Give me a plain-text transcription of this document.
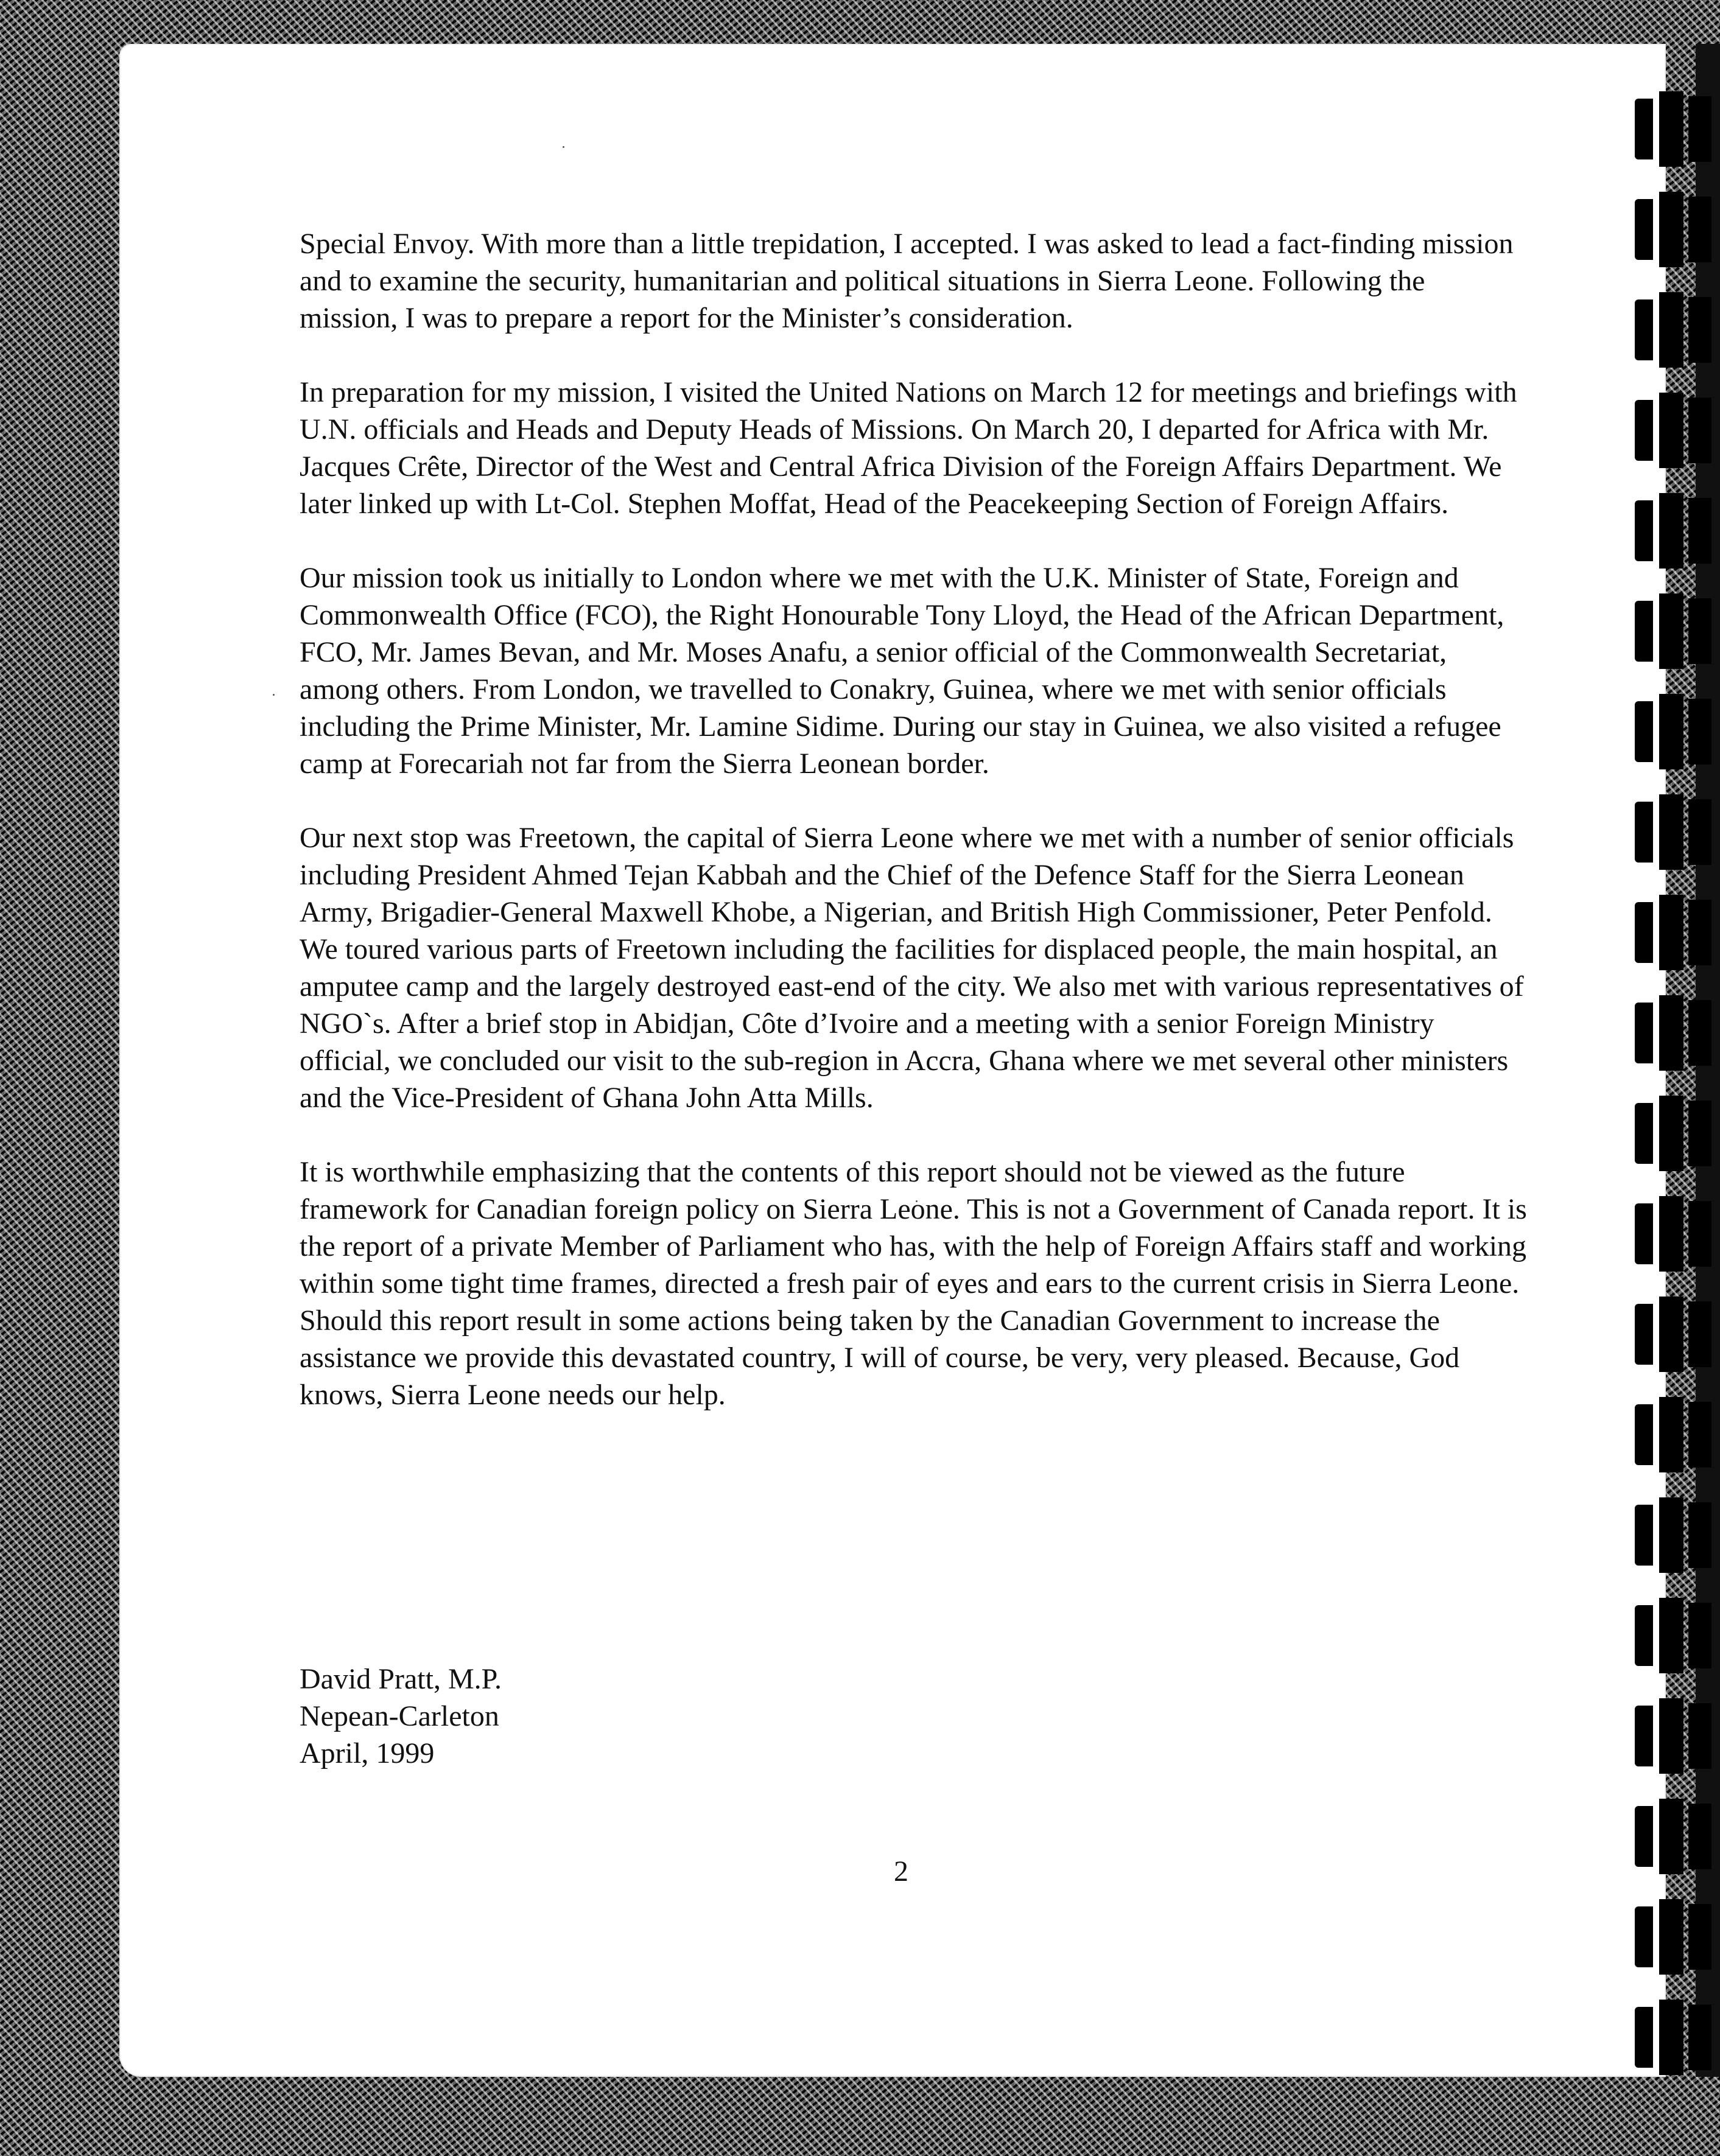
Special Envoy. With more than a little trepidation, I accepted. I was asked to lead a fact-finding mission and to examine the security, humanitarian and political situations in Sierra Leone. Following the mission, I was to prepare a report for the Minister’s consideration.

In preparation for my mission, I visited the United Nations on March 12 for meetings and briefings with U.N. officials and Heads and Deputy Heads of Missions. On March 20, I departed for Africa with Mr. Jacques Crête, Director of the West and Central Africa Division of the Foreign Affairs Department. We later linked up with Lt-Col. Stephen Moffat, Head of the Peacekeeping Section of Foreign Affairs.

Our mission took us initially to London where we met with the U.K. Minister of State, Foreign and Commonwealth Office (FCO), the Right Honourable Tony Lloyd, the Head of the African Department, FCO, Mr. James Bevan, and Mr. Moses Anafu, a senior official of the Commonwealth Secretariat, among others. From London, we travelled to Conakry, Guinea, where we met with senior officials including the Prime Minister, Mr. Lamine Sidime. During our stay in Guinea, we also visited a refugee camp at Forecariah not far from the Sierra Leonean border.

Our next stop was Freetown, the capital of Sierra Leone where we met with a number of senior officials including President Ahmed Tejan Kabbah and the Chief of the Defence Staff for the Sierra Leonean Army, Brigadier-General Maxwell Khobe, a Nigerian, and British High Commissioner, Peter Penfold. We toured various parts of Freetown including the facilities for displaced people, the main hospital, an amputee camp and the largely destroyed east-end of the city. We also met with various representatives of NGO`s. After a brief stop in Abidjan, Côte d’Ivoire and a meeting with a senior Foreign Ministry official, we concluded our visit to the sub-region in Accra, Ghana where we met several other ministers and the Vice-President of Ghana John Atta Mills.

It is worthwhile emphasizing that the contents of this report should not be viewed as the future framework for Canadian foreign policy on Sierra Leone. This is not a Government of Canada report. It is the report of a private Member of Parliament who has, with the help of Foreign Affairs staff and working within some tight time frames, directed a fresh pair of eyes and ears to the current crisis in Sierra Leone. Should this report result in some actions being taken by the Canadian Government to increase the assistance we provide this devastated country, I will of course, be very, very pleased. Because, God knows, Sierra Leone needs our help.

David Pratt, M.P.
Nepean-Carleton
April, 1999
2
